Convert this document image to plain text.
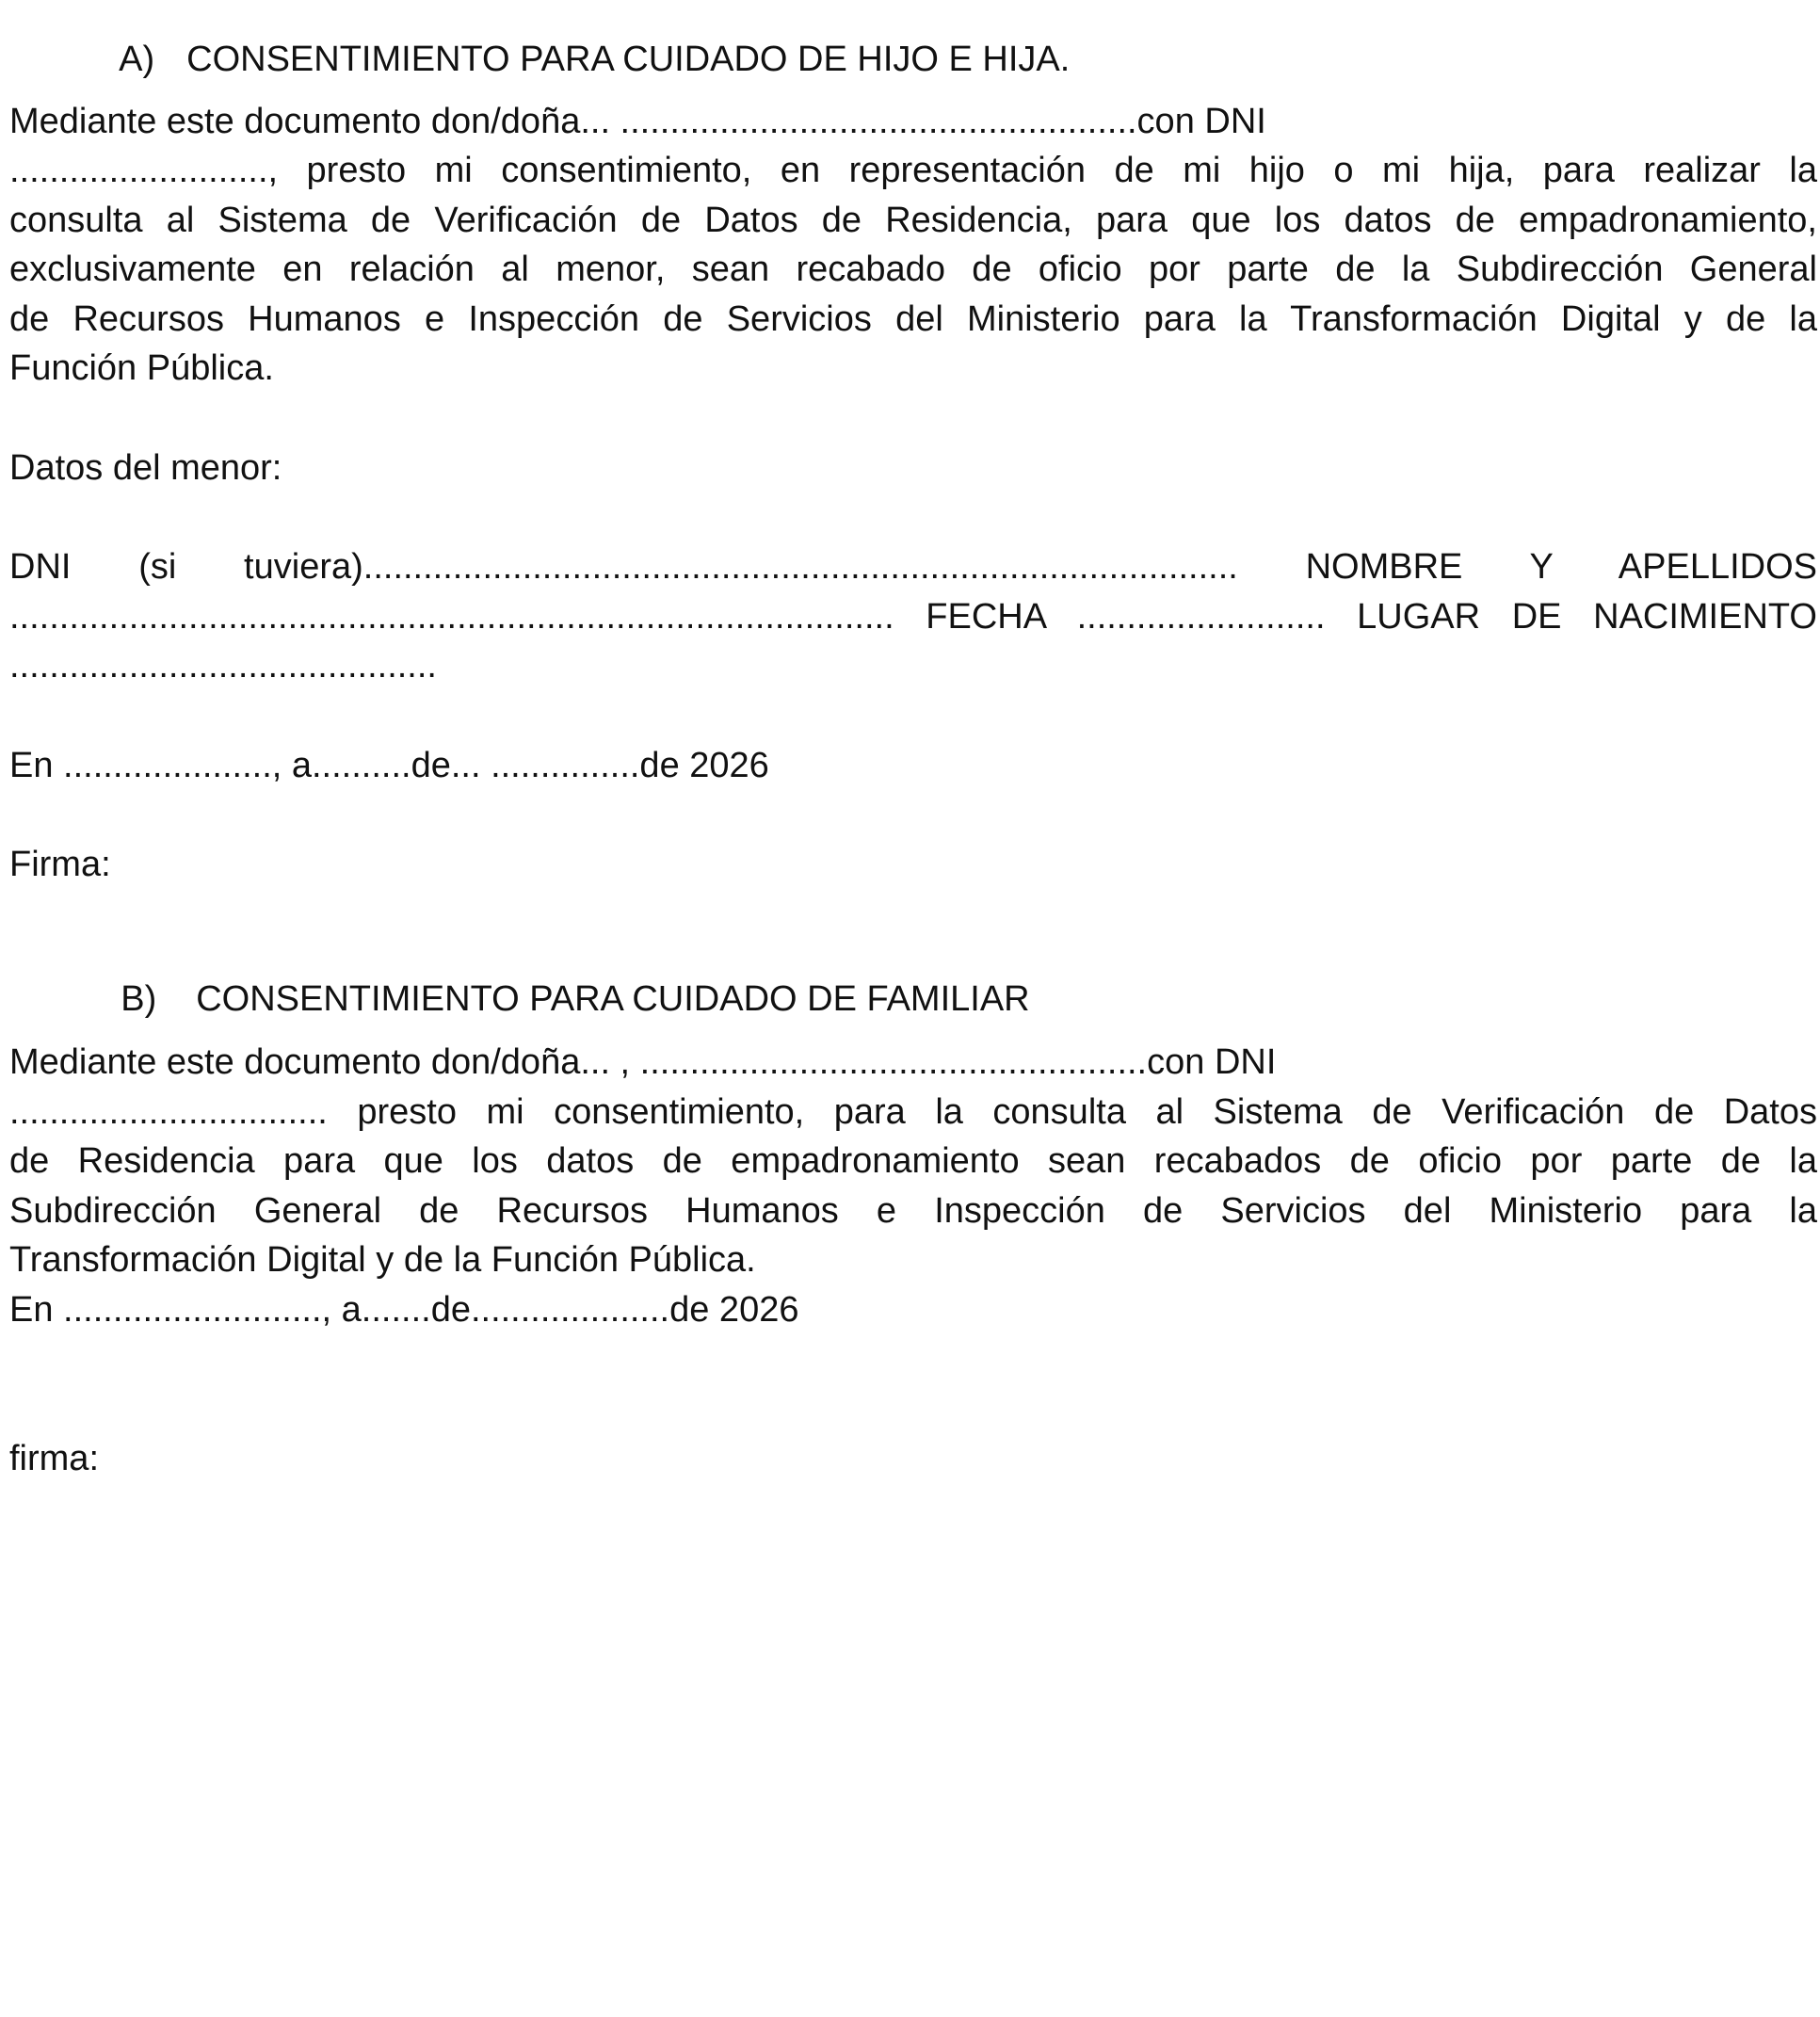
A) CONSENTIMIENTO PARA CUIDADO DE HIJO E HIJA.

Mediante este documento don/doña... ....................................................con DNI
.........................., presto mi consentimiento, en representación de mi hijo o mi hija, para realizar la
consulta al Sistema de Verificación de Datos de Residencia, para que los datos de empadronamiento,
exclusivamente en relación al menor, sean recabado de oficio por parte de la Subdirección General
de Recursos Humanos e Inspección de Servicios del Ministerio para la Transformación Digital y de la
Función Pública.
Datos del menor:
DNI (si tuviera)........................................................................................ NOMBRE Y APELLIDOS
......................................................................................... FECHA ......................... LUGAR DE NACIMIENTO
...........................................
En ....................., a..........de... ...............de 2026
Firma:

B) CONSENTIMIENTO PARA CUIDADO DE FAMILIAR

Mediante este documento don/doña... , ...................................................con DNI
................................ presto mi consentimiento, para la consulta al Sistema de Verificación de Datos
de Residencia para que los datos de empadronamiento sean recabados de oficio por parte de la
Subdirección General de Recursos Humanos e Inspección de Servicios del Ministerio para la
Transformación Digital y de la Función Pública.
En .........................., a.......de....................de 2026
firma:
